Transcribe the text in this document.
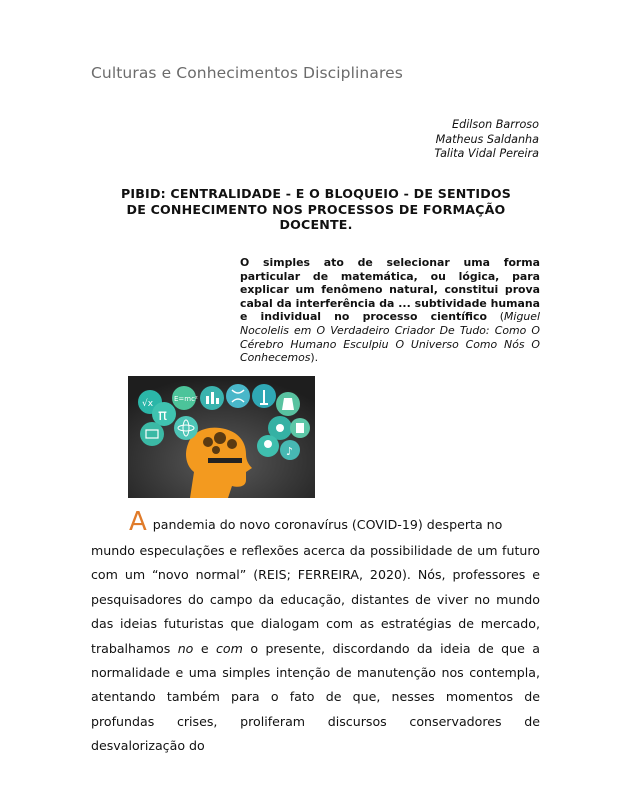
Culturas e Conhecimentos Disciplinares
Edilson Barroso
Matheus Saldanha
Talita Vidal Pereira
PIBID: CENTRALIDADE - E O BLOQUEIO - DE SENTIDOS DE CONHECIMENTO NOS PROCESSOS DE FORMAÇÃO DOCENTE.
O simples ato de selecionar uma forma particular de matemática, ou lógica, para explicar um fenômeno natural, constitui prova cabal da interferência da ... subtividade humana e individual no processo científico (Miguel Nocolelis em O Verdadeiro Criador De Tudo: Como O Cérebro Humano Esculpiu O Universo Como Nós O Conhecemos).
√x
π
E=mc²
♪

Apandemia do novo coronavírus (COVID-19) desperta no

mundo especulações e reflexões acerca da possibilidade de um futuro com um “novo normal” (REIS; FERREIRA, 2020). Nós, professores e pesquisadores do campo da educação, distantes de viver no mundo das ideias futuristas que dialogam com as estratégias de mercado, trabalhamos no e com o presente, discordando da ideia de que a normalidade e uma simples intenção de manutenção nos contempla, atentando também para o fato de que, nesses momentos de profundas crises, proliferam discursos conservadores de desvalorização do
